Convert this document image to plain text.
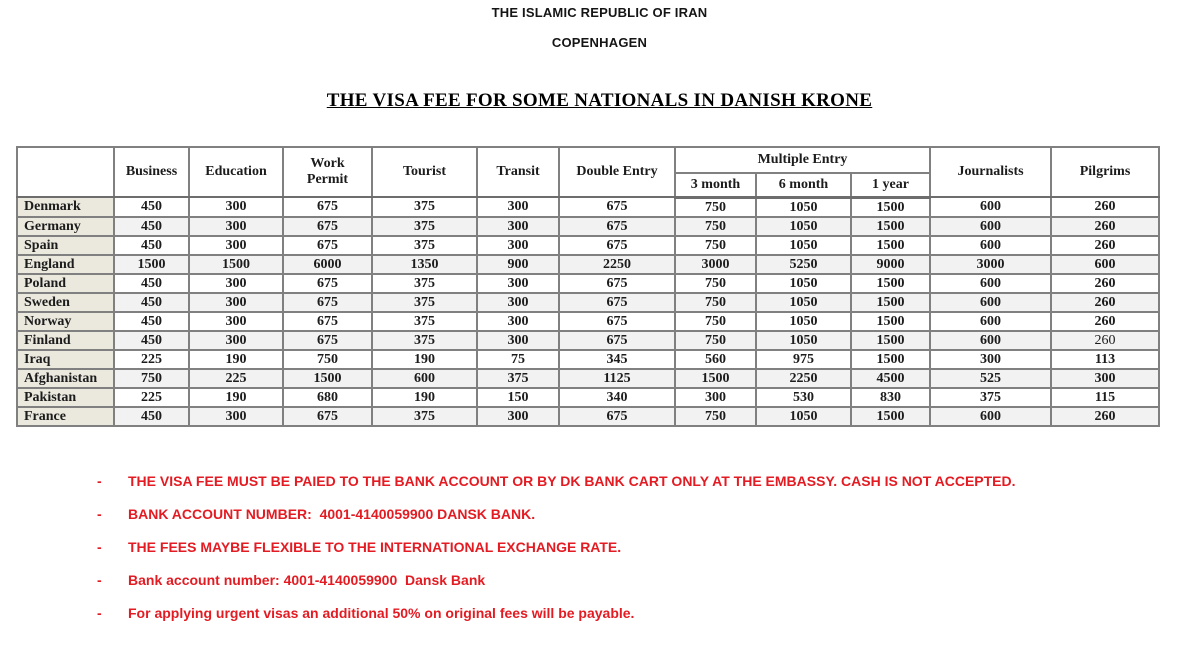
THE ISLAMIC REPUBLIC OF IRAN
COPENHAGEN
THE VISA FEE FOR SOME NATIONALS IN DANISH KRONE
	Business	Education	Work Permit	Tourist	Transit	Double Entry	Multiple Entry			Journalists	Pilgrims
							3 month	6 month	1 year		
Denmark	450	300	675	375	300	675	750	1050	1500	600	260
Germany	450	300	675	375	300	675	750	1050	1500	600	260
Spain	450	300	675	375	300	675	750	1050	1500	600	260
England	1500	1500	6000	1350	900	2250	3000	5250	9000	3000	600
Poland	450	300	675	375	300	675	750	1050	1500	600	260
Sweden	450	300	675	375	300	675	750	1050	1500	600	260
Norway	450	300	675	375	300	675	750	1050	1500	600	260
Finland	450	300	675	375	300	675	750	1050	1500	600	260
Iraq	225	190	750	190	75	345	560	975	1500	300	113
Afghanistan	750	225	1500	600	375	1125	1500	2250	4500	525	300
Pakistan	225	190	680	190	150	340	300	530	830	375	115
France	450	300	675	375	300	675	750	1050	1500	600	260
-	THE VISA FEE MUST BE PAIED TO THE BANK ACCOUNT OR BY DK BANK CART ONLY AT THE EMBASSY. CASH IS NOT ACCEPTED.
-	BANK ACCOUNT NUMBER:  4001-4140059900 DANSK BANK.
-	THE FEES MAYBE FLEXIBLE TO THE INTERNATIONAL EXCHANGE RATE.
-	Bank account number: 4001-4140059900  Dansk Bank
-	For applying urgent visas an additional 50% on original fees will be payable.
